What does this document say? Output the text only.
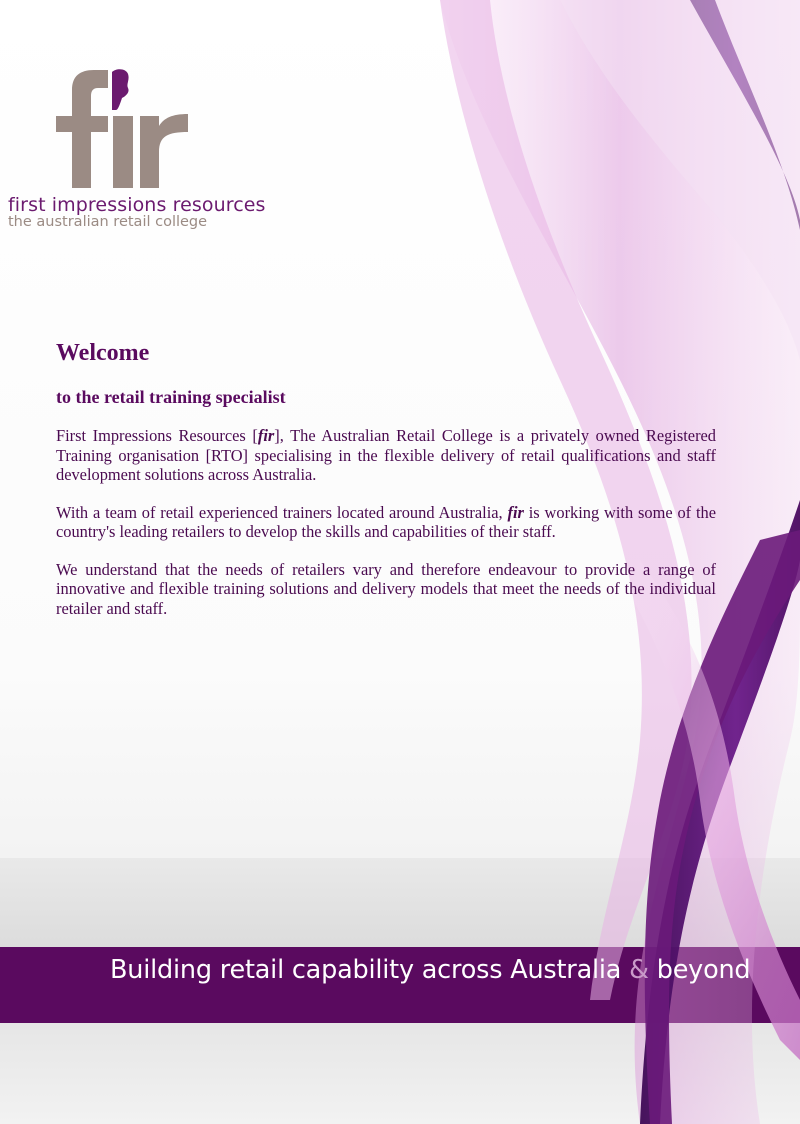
first impressions resources
the australian retail college
Welcome
to the retail training specialist

First Impressions Resources [fir], The Australian Retail College is a privately owned Registered Training organisation [RTO] specialising in the flexible delivery of retail qualifications and staff development solutions across Australia.

With a team of retail experienced trainers located around Australia, fir is working with some of the country's leading retailers to develop the skills and capabilities of their staff.

We understand that the needs of retailers vary and therefore endeavour to provide a range of innovative and flexible training solutions and delivery models that meet the needs of the individual retailer and staff.

Building retail capability across Australia & beyond
